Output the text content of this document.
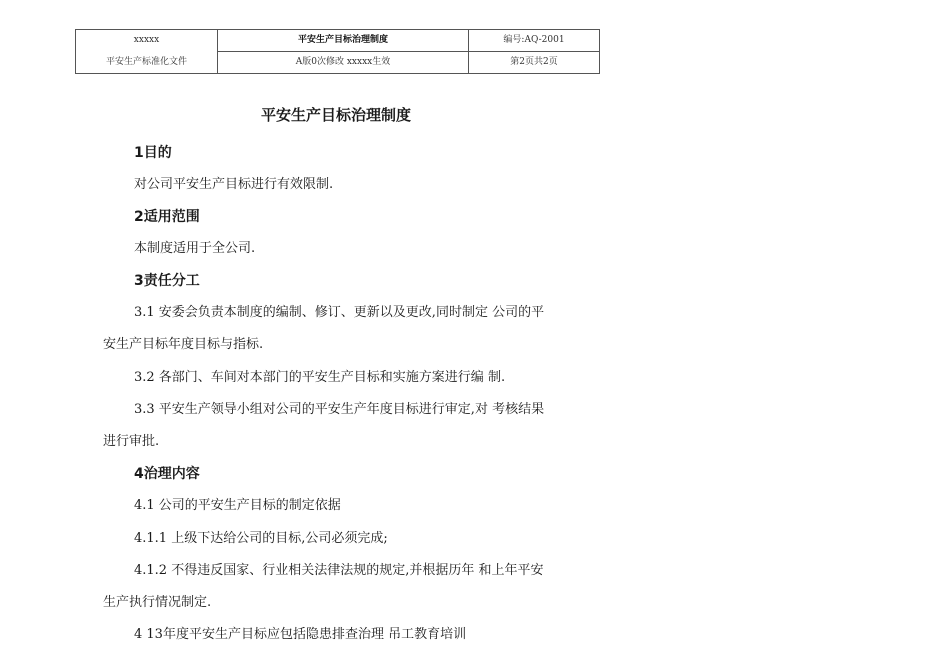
xxxxx	平安生产目标治理制度	编号:AQ-2001
平安生产标准化文件	A版0次修改 xxxxx生效	第2页共2页
平安生产目标治理制度
1目的
对公司平安生产目标进行有效限制.
2适用范围
本制度适用于全公司.
3责任分工
3.1 安委会负责本制度的编制、修订、更新以及更改,同时制定 公司的平
安生产目标年度目标与指标.
3.2 各部门、车间对本部门的平安生产目标和实施方案进行编 制.
3.3 平安生产领导小组对公司的平安生产年度目标进行审定,对 考核结果
进行审批.
4治理内容
4.1 公司的平安生产目标的制定依据
4.1.1 上级下达给公司的目标,公司必须完成;
4.1.2 不得违反国家、行业相关法律法规的规定,并根据历年 和上年平安
生产执行情况制定.
4 13年度平安生产目标应包括隐患排查治理 吊工教育培训
